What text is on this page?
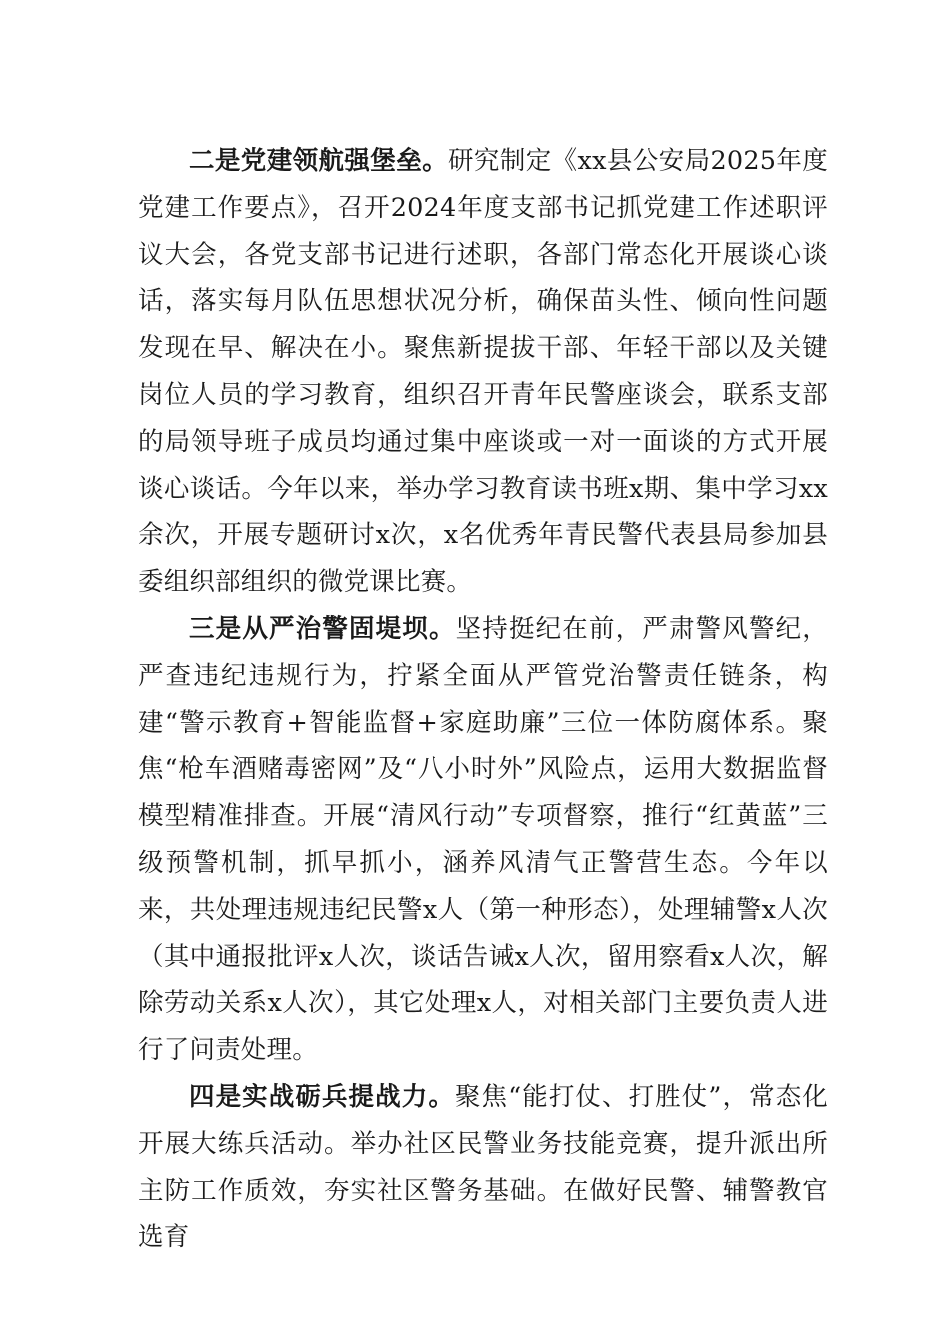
二是党建领航强堡垒。研究制定《xx县公安局2025年度党建工作要点》，召开2024年度支部书记抓党建工作述职评议大会，各党支部书记进行述职，各部门常态化开展谈心谈话，落实每月队伍思想状况分析，确保苗头性、倾向性问题发现在早、解决在小。聚焦新提拔干部、年轻干部以及关键岗位人员的学习教育，组织召开青年民警座谈会，联系支部的局领导班子成员均通过集中座谈或一对一面谈的方式开展谈心谈话。今年以来，举办学习教育读书班x期、集中学习xx余次，开展专题研讨x次，x名优秀年青民警代表县局参加县委组织部组织的微党课比赛。

三是从严治警固堤坝。坚持挺纪在前，严肃警风警纪，严查违纪违规行为，拧紧全面从严管党治警责任链条，构建“警示教育+智能监督+家庭助廉”三位一体防腐体系。聚焦“枪车酒赌毒密网”及“八小时外”风险点，运用大数据监督模型精准排查。开展“清风行动”专项督察，推行“红黄蓝”三级预警机制，抓早抓小，涵养风清气正警营生态。今年以来，共处理违规违纪民警x人（第一种形态），处理辅警x人次（其中通报批评x人次，谈话告诫x人次，留用察看x人次，解除劳动关系x人次），其它处理x人，对相关部门主要负责人进行了问责处理。

四是实战砺兵提战力。聚焦“能打仗、打胜仗”，常态化开展大练兵活动。举办社区民警业务技能竞赛，提升派出所主防工作质效，夯实社区警务基础。在做好民警、辅警教官选育
